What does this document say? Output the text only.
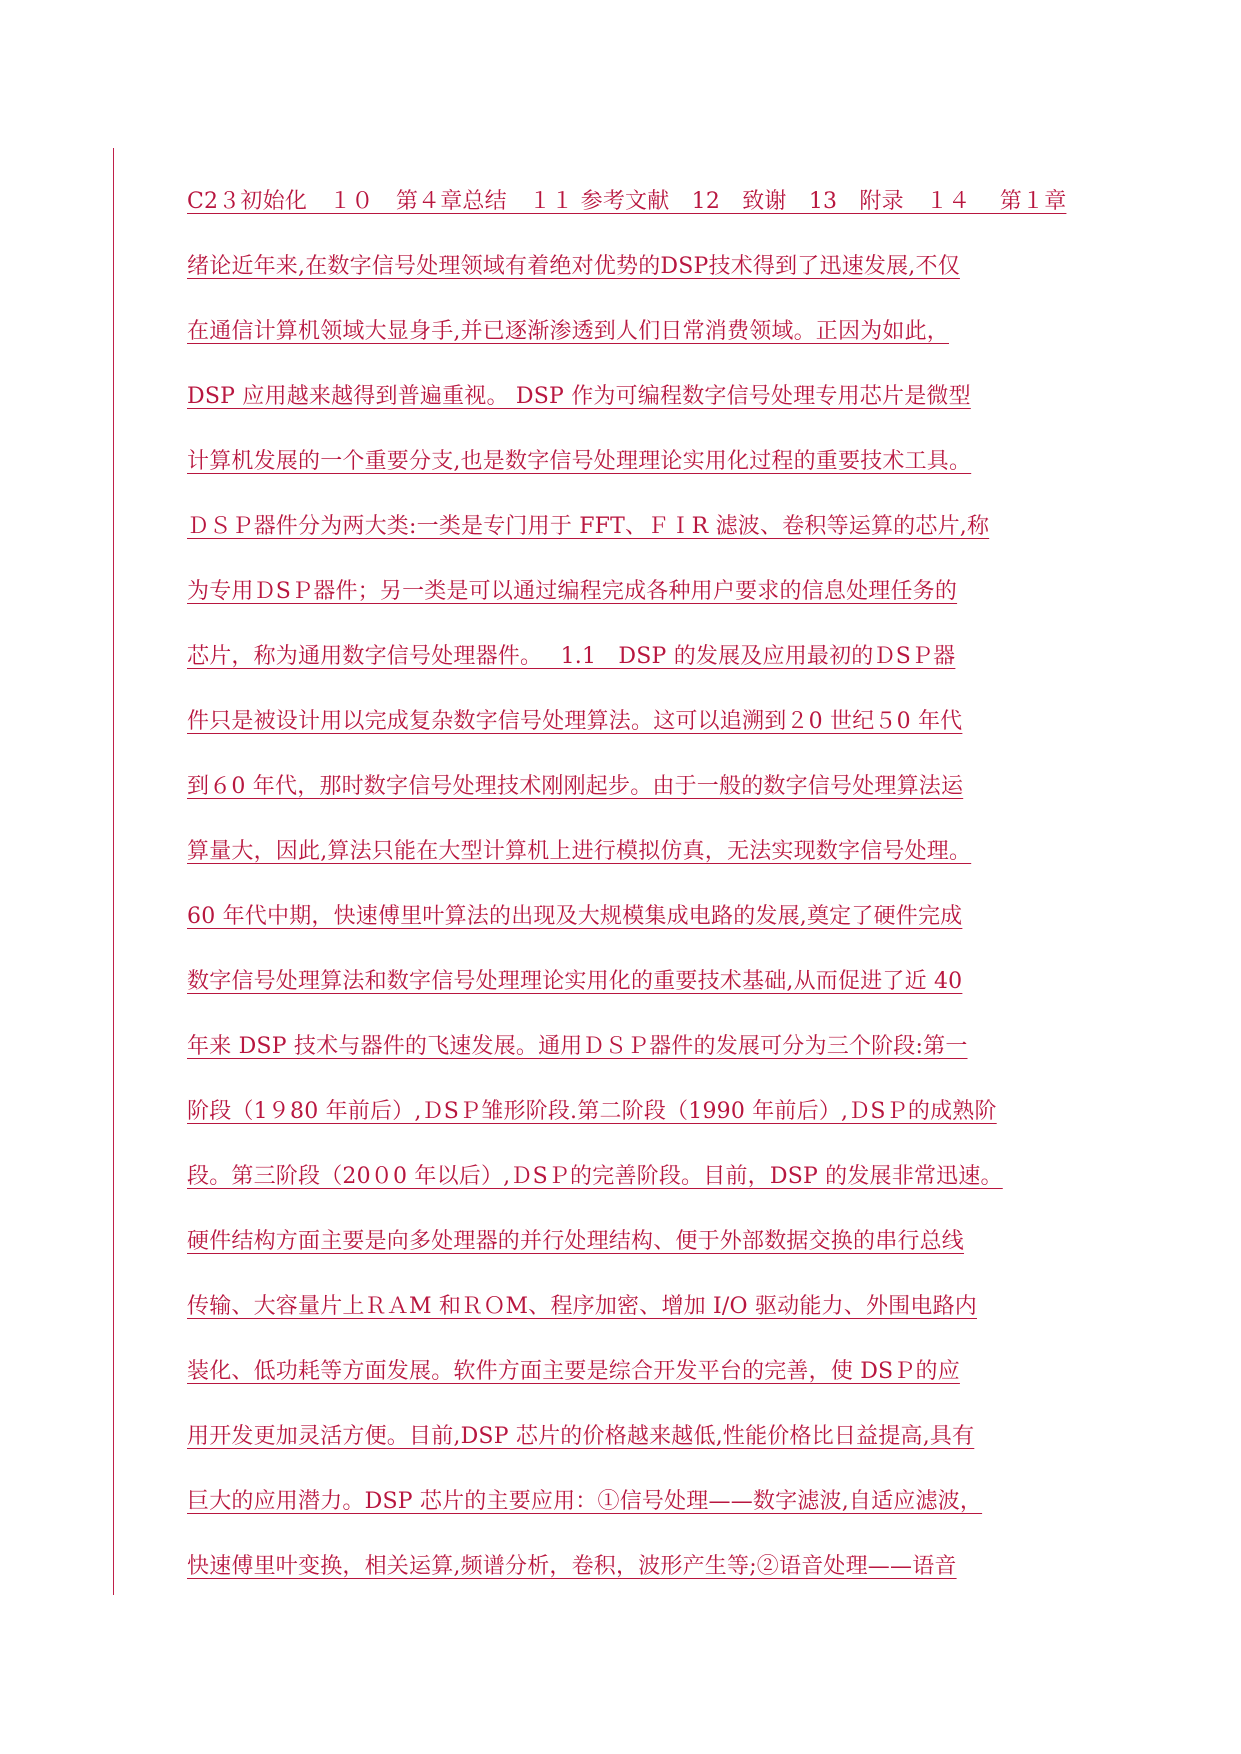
C2３初始化　１０　第４章总结　１１ 参考文献　12　致谢　13　附录　１４　 第１章
绪论近年来,在数字信号处理领域有着绝对优势的DSP技术得到了迅速发展,不仅
在通信计算机领域大显身手,并已逐渐渗透到人们日常消费领域。正因为如此，
DSP 应用越来越得到普遍重视。 DSP 作为可编程数字信号处理专用芯片是微型
计算机发展的一个重要分支,也是数字信号处理理论实用化过程的重要技术工具。
ＤＳＰ器件分为两大类:一类是专门用于 FFT、ＦＩR 滤波、卷积等运算的芯片,称
为专用ＤSＰ器件；另一类是可以通过编程完成各种用户要求的信息处理任务的
芯片，称为通用数字信号处理器件。　 1.1　DSP 的发展及应用最初的ＤSＰ器
件只是被设计用以完成复杂数字信号处理算法。这可以追溯到２0 世纪５0 年代
到６0 年代，那时数字信号处理技术刚刚起步。由于一般的数字信号处理算法运
算量大，因此,算法只能在大型计算机上进行模拟仿真，无法实现数字信号处理。
60 年代中期，快速傅里叶算法的出现及大规模集成电路的发展,奠定了硬件完成
数字信号处理算法和数字信号处理理论实用化的重要技术基础,从而促进了近 40
年来 DSP 技术与器件的飞速发展。通用ＤＳＰ器件的发展可分为三个阶段:第一
阶段（1９80 年前后）,ＤSＰ雏形阶段.第二阶段（1990 年前后）,ＤSＰ的成熟阶
段。第三阶段（20０0 年以后）,ＤSＰ的完善阶段。目前，DSP 的发展非常迅速。
硬件结构方面主要是向多处理器的并行处理结构、便于外部数据交换的串行总线
传输、大容量片上ＲＡM 和ＲＯM、程序加密、增加 I/O 驱动能力、外围电路内
装化、低功耗等方面发展。软件方面主要是综合开发平台的完善，使 DSＰ的应
用开发更加灵活方便。目前,DSP 芯片的价格越来越低,性能价格比日益提高,具有
巨大的应用潜力。DSP 芯片的主要应用：①信号处理——数字滤波,自适应滤波，
快速傅里叶变换，相关运算,频谱分析，卷积，波形产生等;②语音处理——语音
